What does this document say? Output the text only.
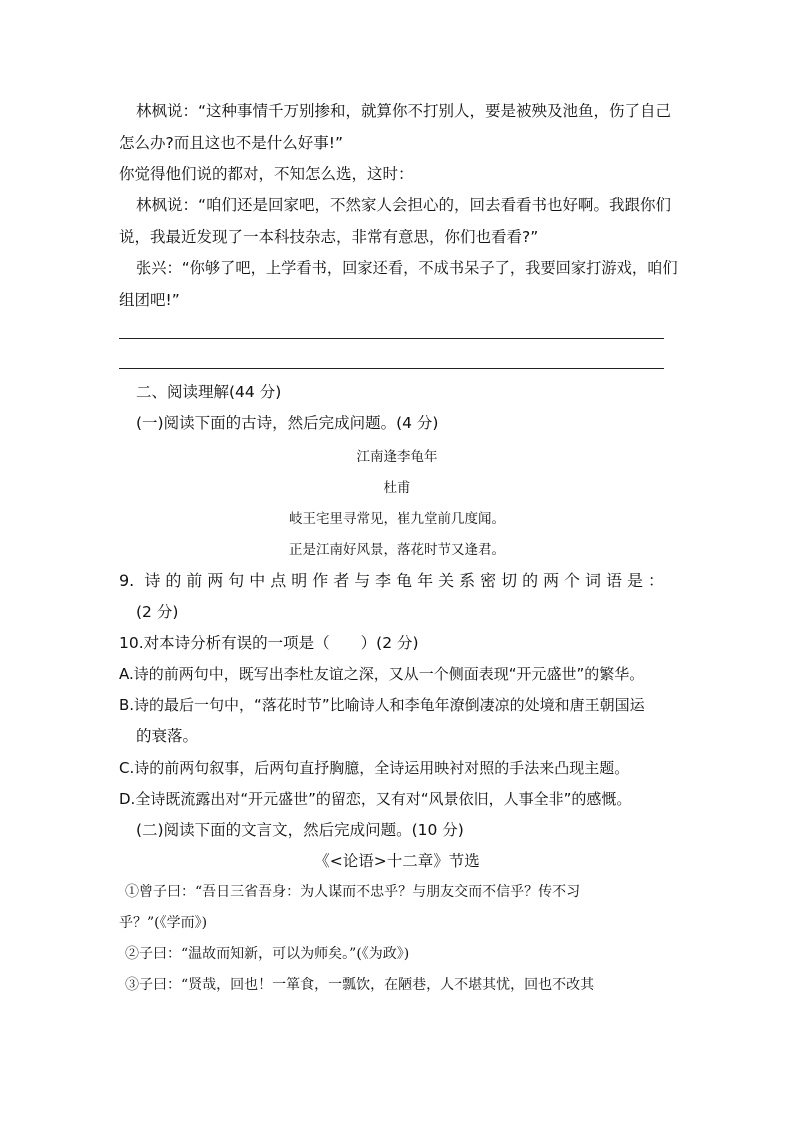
林枫说：“这种事情千万别掺和，就算你不打别人，要是被殃及池鱼，伤了自己
怎么办?而且这也不是什么好事!”
你觉得他们说的都对，不知怎么选，这时：
林枫说：“咱们还是回家吧，不然家人会担心的，回去看看书也好啊。我跟你们
说，我最近发现了一本科技杂志，非常有意思，你们也看看?”
张兴：“你够了吧，上学看书，回家还看，不成书呆子了，我要回家打游戏，咱们
组团吧!”
二、阅读理解(44 分)
(一)阅读下面的古诗，然后完成问题。(4 分)
江南逢李龟年
杜甫
岐王宅里寻常见，崔九堂前几度闻。
正是江南好风景，落花时节又逢君。
9. 诗的前两句中点明作者与李龟年关系密切的两个词语是：
(2 分)
10.对本诗分析有误的一项是（　　）(2 分)
A.诗的前两句中，既写出李杜友谊之深，又从一个侧面表现“开元盛世”的繁华。
B.诗的最后一句中，“落花时节”比喻诗人和李龟年潦倒凄凉的处境和唐王朝国运
的衰落。
C.诗的前两句叙事，后两句直抒胸臆，全诗运用映衬对照的手法来凸现主题。
D.全诗既流露出对“开元盛世”的留恋，又有对“风景依旧，人事全非”的感慨。
(二)阅读下面的文言文，然后完成问题。(10 分)
《<论语>十二章》节选
①曾子曰：“吾日三省吾身：为人谋而不忠乎？与朋友交而不信乎？传不习
乎？”(《学而》)
②子曰：“温故而知新，可以为师矣。”(《为政》)
③子曰：“贤哉，回也！一箪食，一瓢饮，在陋巷，人不堪其忧，回也不改其
